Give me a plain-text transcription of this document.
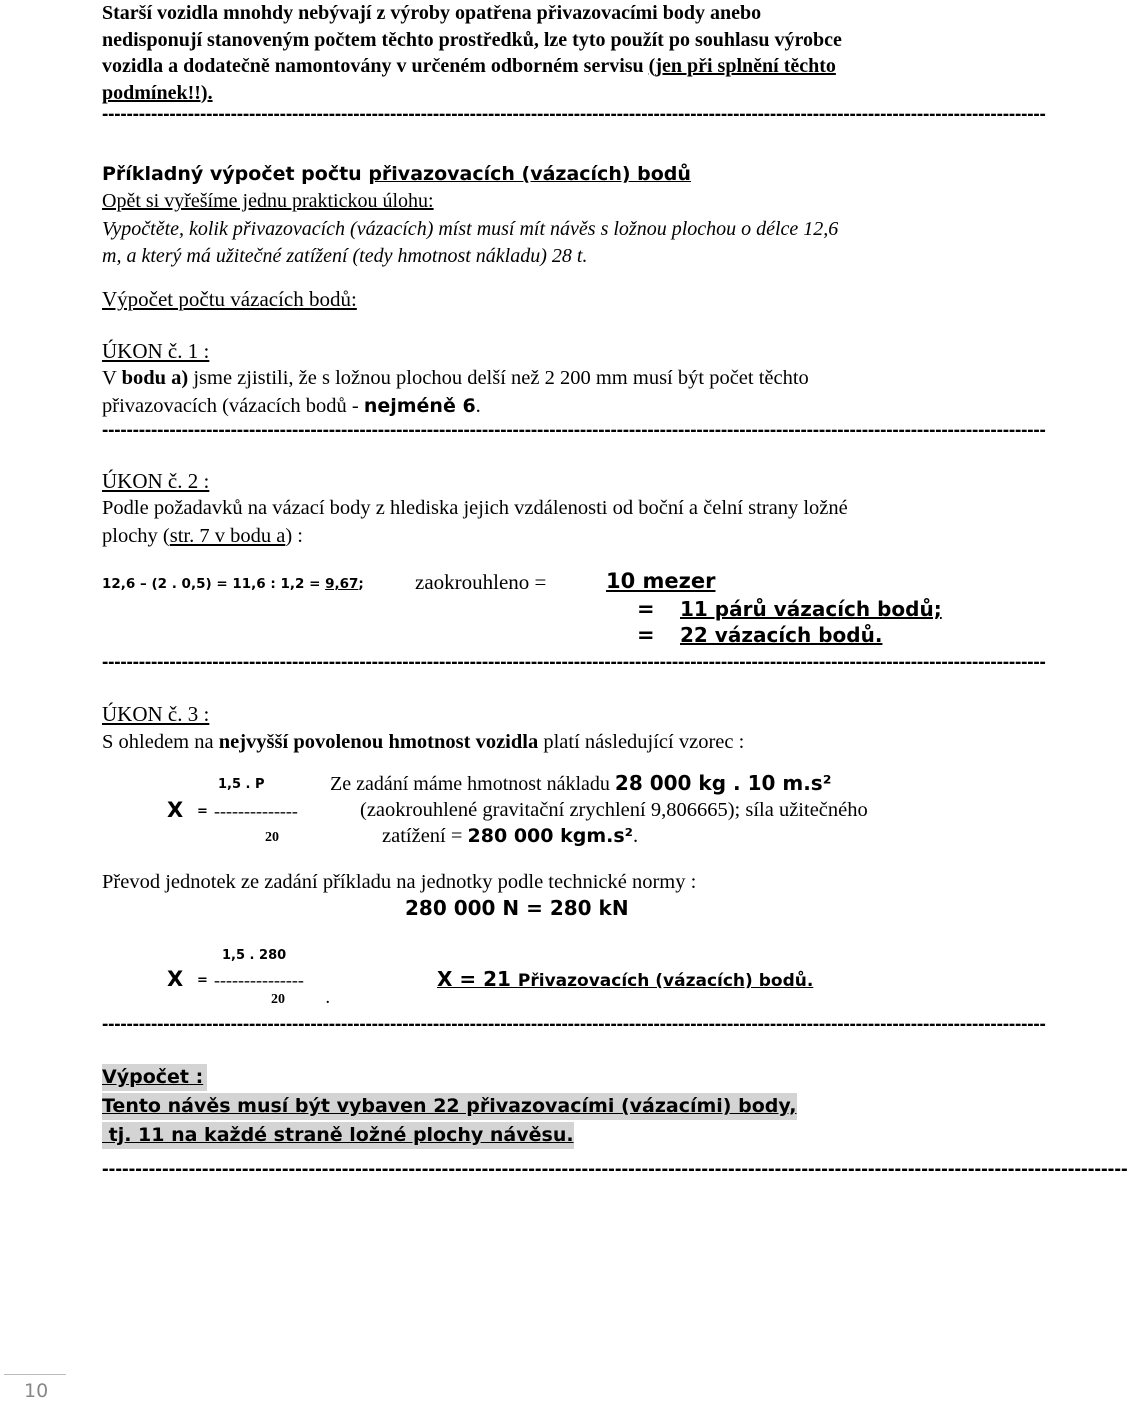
Starší vozidla mnohdy nebývají z výroby opatřena přivazovacími body anebo
nedisponují stanoveným počtem těchto prostředků, lze tyto použít po souhlasu výrobce
vozidla a dodatečně namontovány v určeném odborném servisu (jen při splnění těchto
podmínek!!).
----------------------------------------------------------------------------------------------------------------------------------------------------------
Příkladný výpočet počtu přivazovacích (vázacích) bodů
Opět si vyřešíme jednu praktickou úlohu:
Vypočtěte, kolik přivazovacích (vázacích) míst musí mít návěs s ložnou plochou o délce 12,6
m, a který má užitečné zatížení (tedy hmotnost nákladu) 28 t.
Výpočet počtu vázacích bodů:
ÚKON č. 1 :
V bodu a) jsme zjistili, že s ložnou plochou delší než 2 200 mm musí být počet těchto
přivazovacích (vázacích bodů - nejméně 6.
----------------------------------------------------------------------------------------------------------------------------------------------------------
ÚKON č. 2 :
Podle požadavků na vázací body z hlediska jejich vzdálenosti od boční a čelní strany ložné
plochy (str. 7 v bodu a) :
12,6 – (2 . 0,5) = 11,6 : 1,2 = 9,67; zaokrouhleno =	10 mezer
= 11 párů vázacích bodů;
= 22 vázacích bodů.
----------------------------------------------------------------------------------------------------------------------------------------------------------
ÚKON č. 3 :
S ohledem na nejvyšší povolenou hmotnost vozidla platí následující vzorec :
1,5 . P
X = --------------
20
Ze zadání máme hmotnost nákladu 28 000 kg . 10 m.s²
(zaokrouhlené gravitační zrychlení 9,806665); síla užitečného
zatížení = 280 000 kgm.s².
Převod jednotek ze zadání příkladu na jednotky podle technické normy :
280 000 N = 280 kN
1,5 . 280
X = ---------------
20	.
X = 21 Přivazovacích (vázacích) bodů.
----------------------------------------------------------------------------------------------------------------------------------------------------------
Výpočet :
Tento návěs musí být vybaven 22 přivazovacími (vázacími) body,
tj. 11 na každé straně ložné plochy návěsu.
----------------------------------------------------------------------------------------------------------------------------------------------------------
10
